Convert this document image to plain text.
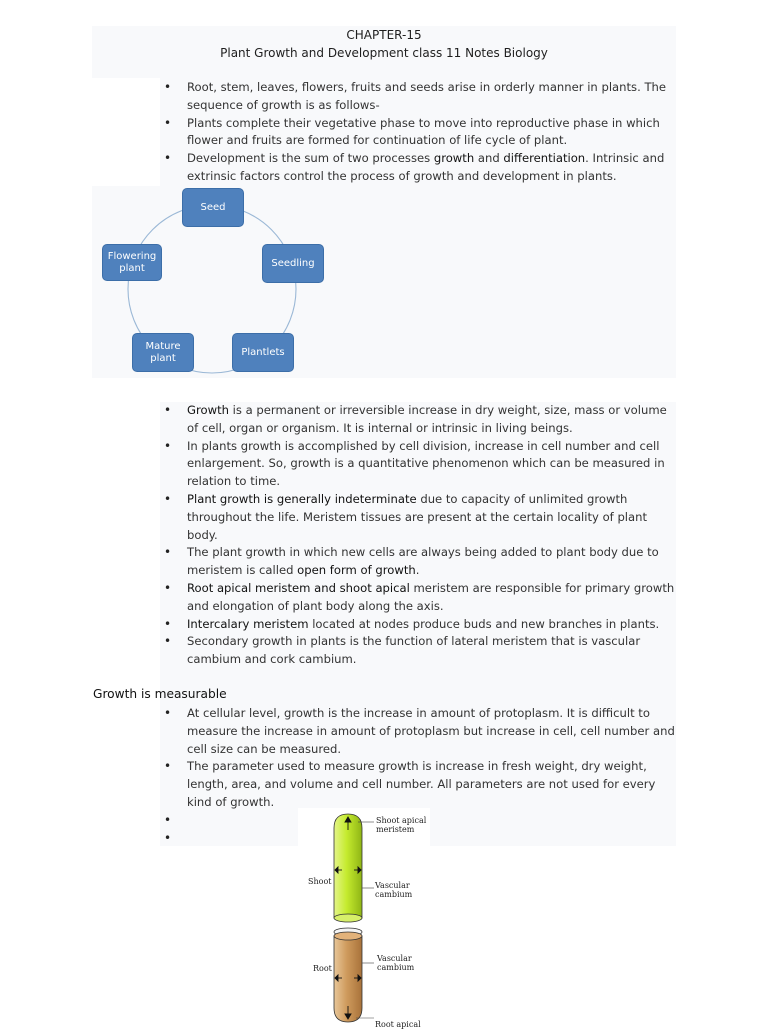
CHAPTER-15
Plant Growth and Development class 11 Notes Biology
• Root, stem, leaves, flowers, fruits and seeds arise in orderly manner in plants. The sequence of growth is as follows-
• Plants complete their vegetative phase to move into reproductive phase in which flower and fruits are formed for continuation of life cycle of plant.
• Development is the sum of two processes growth and differentiation. Intrinsic and extrinsic factors control the process of growth and development in plants.
Seed
Seedling
Plantlets
Mature plant
Flowering plant
• Growth is a permanent or irreversible increase in dry weight, size, mass or volume of cell, organ or organism. It is internal or intrinsic in living beings.
• In plants growth is accomplished by cell division, increase in cell number and cell enlargement. So, growth is a quantitative phenomenon which can be measured in relation to time.
• Plant growth is generally indeterminate due to capacity of unlimited growth throughout the life. Meristem tissues are present at the certain locality of plant body.
• The plant growth in which new cells are always being added to plant body due to meristem is called open form of growth.
• Root apical meristem and shoot apical meristem are responsible for primary growth and elongation of plant body along the axis.
• Intercalary meristem located at nodes produce buds and new branches in plants.
• Secondary growth in plants is the function of lateral meristem that is vascular cambium and cork cambium.
Growth is measurable
• At cellular level, growth is the increase in amount of protoplasm. It is difficult to measure the increase in amount of protoplasm but increase in cell, cell number and cell size can be measured.
• The parameter used to measure growth is increase in fresh weight, dry weight, length, area, and volume and cell number. All parameters are not used for every kind of growth.
•
•
Shoot apical meristem
Shoot	Vascular cambium
Root
Vascular cambium
Root apical
